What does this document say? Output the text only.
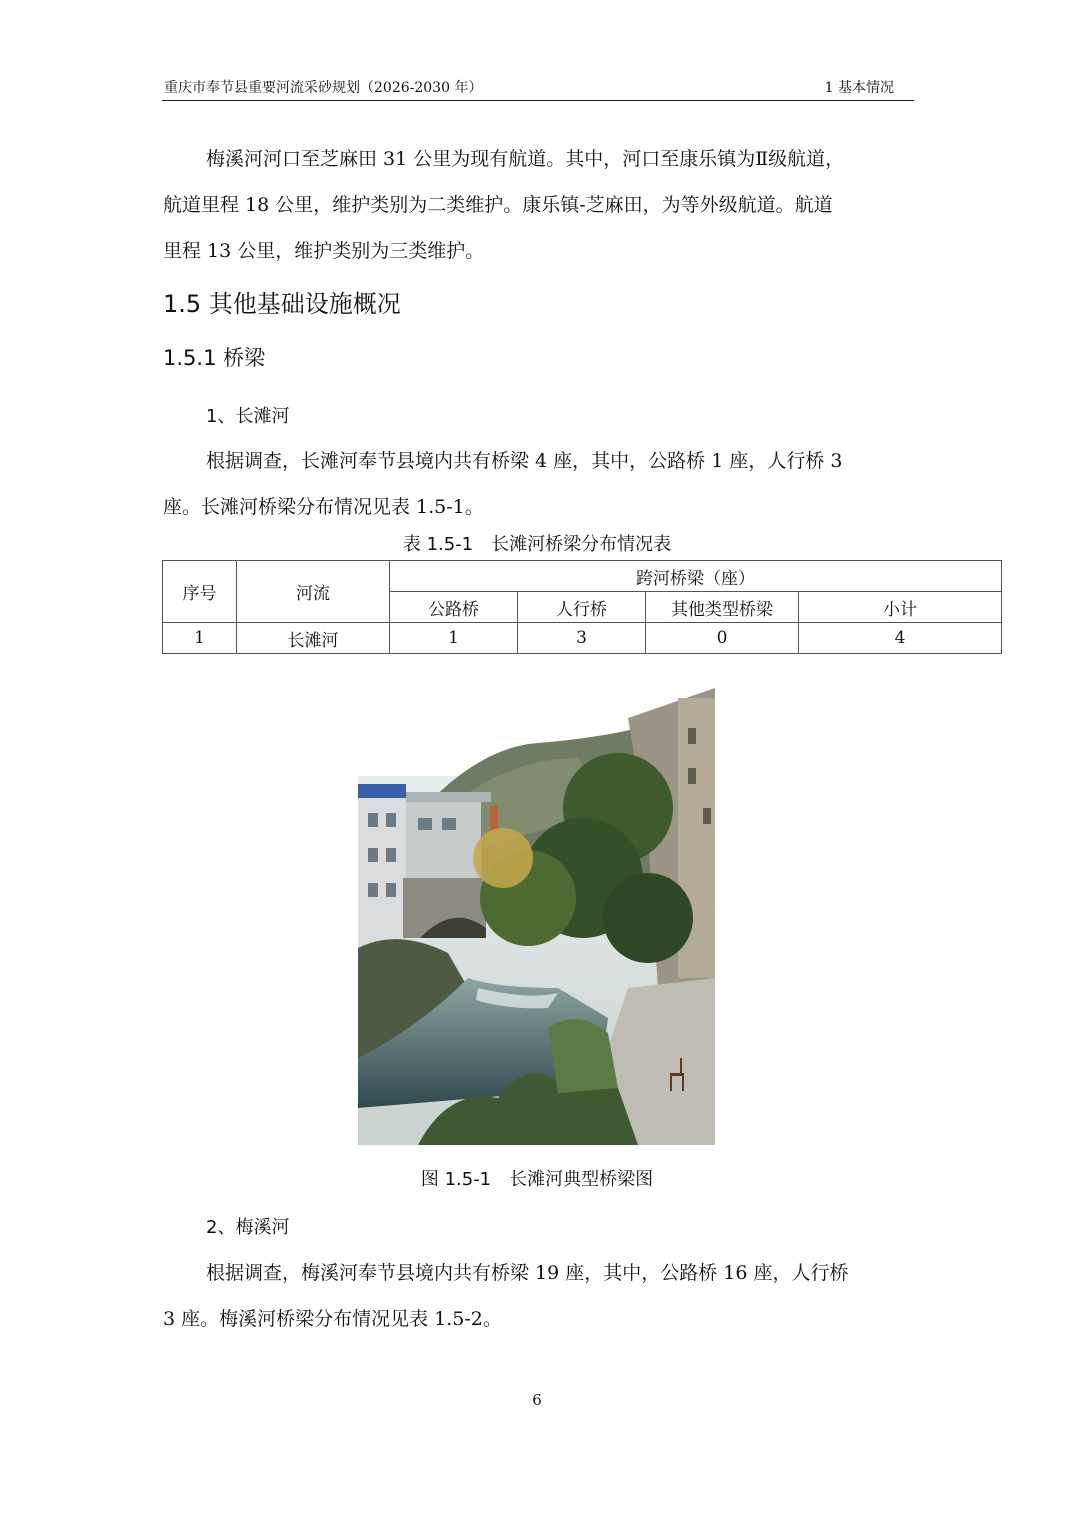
重庆市奉节县重要河流采砂规划（2026-2030 年）	1 基本情况
梅溪河河口至芝麻田 31 公里为现有航道。其中，河口至康乐镇为Ⅱ级航道，
航道里程 18 公里，维护类别为二类维护。康乐镇-芝麻田，为等外级航道。航道
里程 13 公里，维护类别为三类维护。
1.5 其他基础设施概况
1.5.1 桥梁
1、长滩河
根据调查，长滩河奉节县境内共有桥梁 4 座，其中，公路桥 1 座，人行桥 3
座。长滩河桥梁分布情况见表 1.5-1。
表 1.5-1　长滩河桥梁分布情况表
序号	河流	跨河桥梁（座）			
		公路桥	人行桥	其他类型桥梁	小计
1	长滩河	1	3	0	4
图 1.5-1　长滩河典型桥梁图
2、梅溪河
根据调查，梅溪河奉节县境内共有桥梁 19 座，其中，公路桥 16 座，人行桥
3 座。梅溪河桥梁分布情况见表 1.5-2。
6
